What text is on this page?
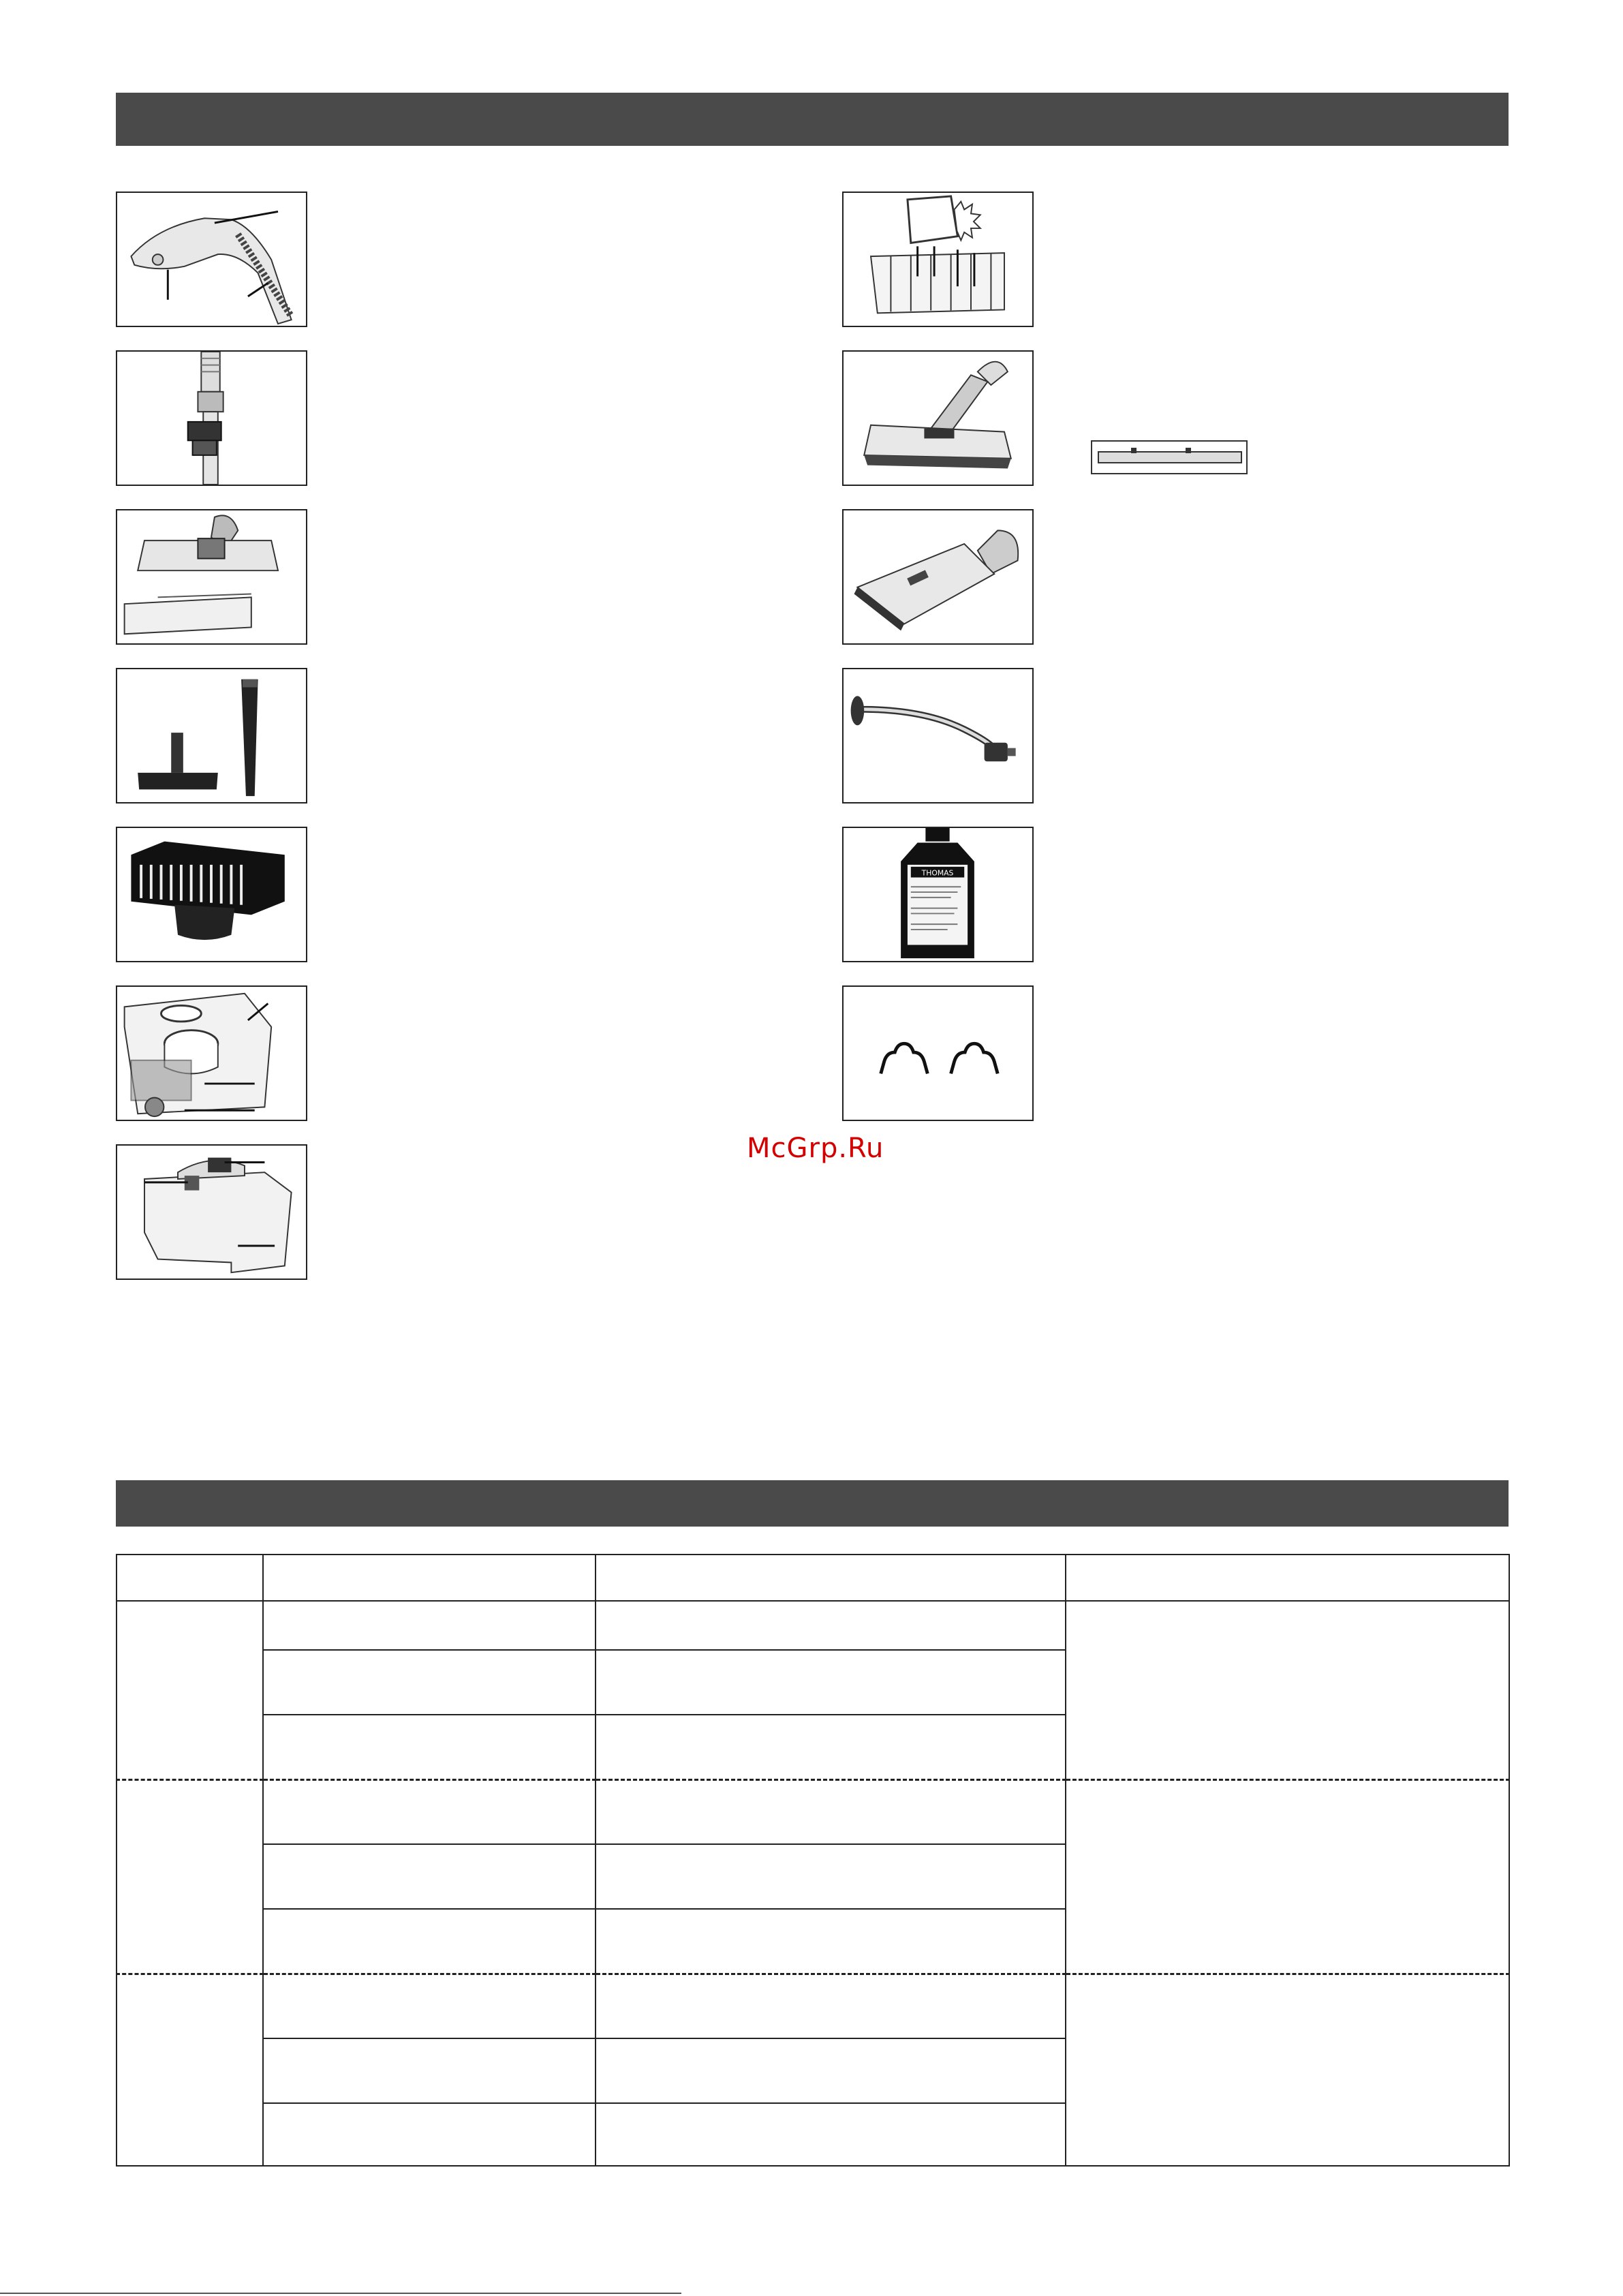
THOMAS
McGrp.Ru
